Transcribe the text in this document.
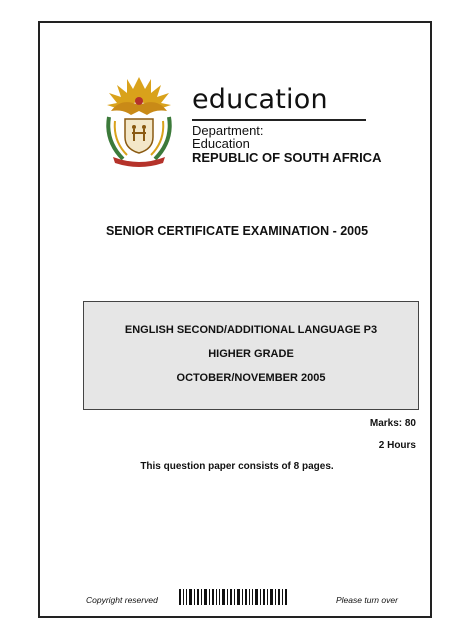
education
Department:
Education
REPUBLIC OF SOUTH AFRICA
SENIOR CERTIFICATE EXAMINATION - 2005
ENGLISH SECOND/ADDITIONAL LANGUAGE P3
HIGHER GRADE
OCTOBER/NOVEMBER 2005
Marks: 80
2 Hours
This question paper consists of 8 pages.
Copyright reserved	Please turn over
